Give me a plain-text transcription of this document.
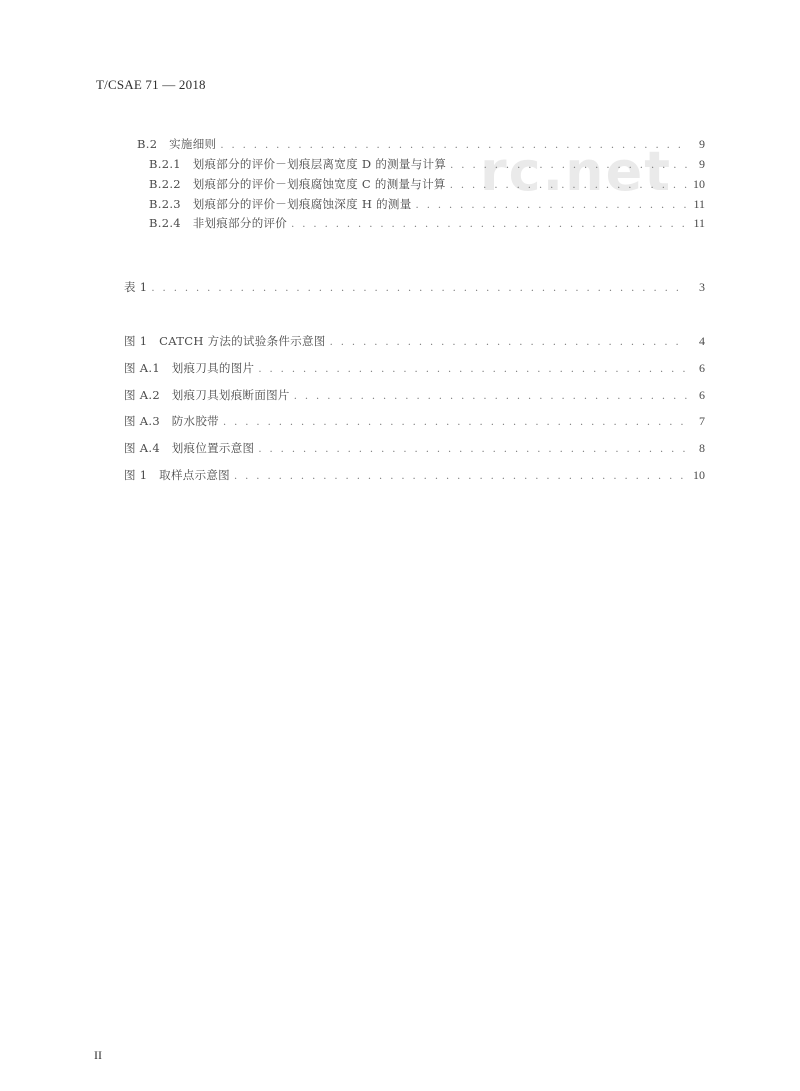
T/CSAE 71 — 2018
rc.net
B.2　实施细则 . . .	9
B.2.1　划痕部分的评价－划痕层离宽度 D 的测量与计算 . . .	9
B.2.2　划痕部分的评价－划痕腐蚀宽度 C 的测量与计算 . . .	10
B.2.3　划痕部分的评价－划痕腐蚀深度 H 的测量 . . .	11
B.2.4　非划痕部分的评价 . . .	11
表 1 . . .	3
图 1　CATCH 方法的试验条件示意图 . . .	4
图 A.1　划痕刀具的图片 . . .	6
图 A.2　划痕刀具划痕断面图片 . . .	6
图 A.3　防水胶带 . . .	7
图 A.4　划痕位置示意图 . . .	8
图 1　取样点示意图 . . .	10
II
